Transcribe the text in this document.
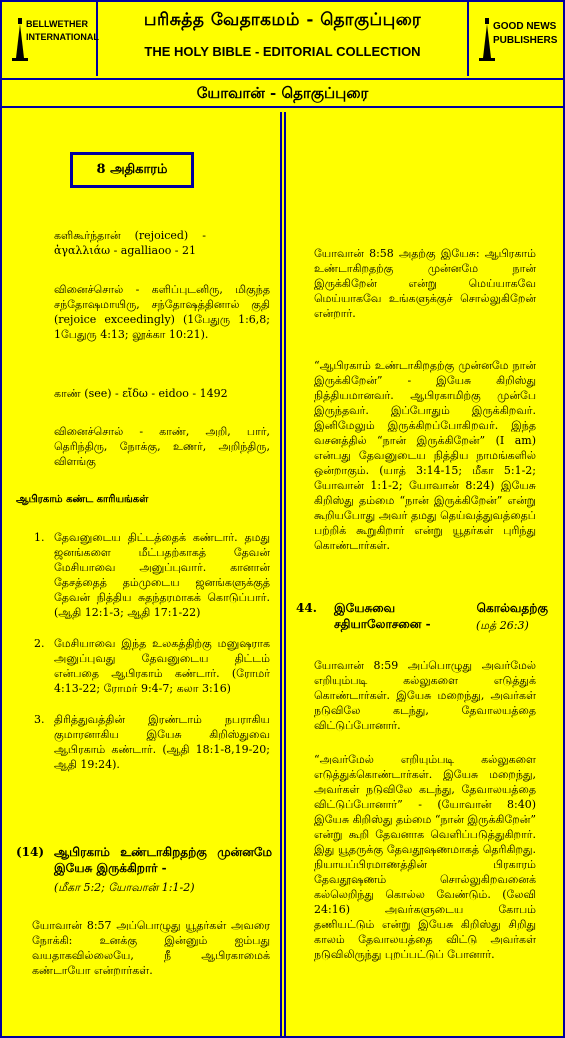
BELLWETHER
INTERNATIONAL
பரிசுத்த வேதாகமம் - தொகுப்புரை
THE HOLY BIBLE - EDITORIAL COLLECTION
GOOD NEWS
PUBLISHERS
யோவான் - தொகுப்புரை
8 அதிகாரம்

களிகூர்ந்தான்    (rejoiced)    -

ἀγαλλιάω - agalliaoo - 21

வினைச்சொல் - களிப்புடனிரு, மிகுந்த சந்தோஷமாயிரு, சந்தோஷத்தினால் குதி (rejoice exceedingly) (1பேதுரு 1:6,8; 1பேதுரு 4:13; லூக்கா 10:21).
காண் (see) - εἴδω - eidoo - 1492
வினைச்சொல் - காண், அறி, பார், தெரிந்திரு, நோக்கு, உணர், அறிந்திரு, விளங்கு
ஆபிரகாம் கண்ட காரியங்கள்
1. தேவனுடைய திட்டத்தைக் கண்டார். தமது ஜனங்களை மீட்பதற்காகத் தேவன் மேசியாவை அனுப்புவார். கானான் தேசத்தைத் தம்முடைய ஜனங்களுக்குத் தேவன் நித்திய சுதந்தரமாகக் கொடுப்பார். (ஆதி 12:1-3; ஆதி 17:1-22)
2. மேசியாவை இந்த உலகத்திற்கு மனுஷராக அனுப்புவது தேவனுடைய திட்டம் என்பதை ஆபிரகாம் கண்டார். (ரோமர் 4:13-22; ரோமர் 9:4-7; கலா 3:16)
3. திரித்துவத்தின் இரண்டாம் நபராகிய குமாரனாகிய இயேசு கிறிஸ்துவை ஆபிரகாம் கண்டார். (ஆதி 18:1-8,19-20; ஆதி 19:24).
(14) ஆபிரகாம் உண்டாகிறதற்கு முன்னமே இயேசு இருக்கிறார் -
(மீகா 5:2; யோவான் 1:1-2)
யோவான் 8:57 அப்பொழுது யூதர்கள் அவரை நோக்கி: உனக்கு இன்னும் ஐம்பது வயதாகவில்லையே, நீ ஆபிரகாமைக் கண்டாயோ என்றார்கள்.
யோவான் 8:58 அதற்கு இயேசு: ஆபிரகாம் உண்டாகிறதற்கு முன்னமே நான் இருக்கிறேன் என்று மெய்யாகவே மெய்யாகவே உங்களுக்குச் சொல்லுகிறேன் என்றார்.
“ஆபிரகாம் உண்டாகிறதற்கு முன்னமே நான் இருக்கிறேன்” - இயேசு கிறிஸ்து நித்தியமானவர். ஆபிரகாமிற்கு முன்பே இருந்தவர். இப்போதும் இருக்கிறவர். இனிமேலும் இருக்கிறப்போகிறவர். இந்த வசனத்தில் “நான் இருக்கிறேன்” (I am) என்பது தேவனுடைய நித்திய நாமங்களில் ஒன்றாகும். (யாத் 3:14-15; மீகா 5:1-2; யோவான் 1:1-2; யோவான் 8:24) இயேசு கிறிஸ்து தம்மை “நான் இருக்கிறேன்” என்று கூறியபோது அவர் தமது தெய்வத்துவத்தைப் பற்றிக் கூறுகிறார் என்று யூதர்கள் புரிந்து கொண்டார்கள்.
44. இயேசுவை கொல்வதற்கு சதியாலோசனை -	(மத் 26:3)
யோவான் 8:59 அப்பொழுது அவர்மேல் எறியும்படி கல்லுகளை எடுத்துக் கொண்டார்கள். இயேசு மறைந்து, அவர்கள் நடுவிலே கடந்து, தேவாலயத்தை விட்டுப்போனார்.
“அவர்மேல் எறியும்படி கல்லுகளை எடுத்துக்கொண்டார்கள். இயேசு மறைந்து, அவர்கள் நடுவிலே கடந்து, தேவாலயத்தை விட்டுப்போனார்” - (யோவான் 8:40) இயேசு கிறிஸ்து தம்மை “நான் இருக்கிறேன்” என்று கூறி தேவனாக வெளிப்படுத்துகிறார். இது யூதருக்கு தேவதூஷணமாகத் தெரிகிறது. நியாயப்பிரமாணத்தின் பிரகாரம் தேவதூஷணம் சொல்லுகிறவனைக் கல்லெறிந்து கொல்ல வேண்டும். (லேவி 24:16) அவர்களுடைய கோபம் தணியட்டும் என்று இயேசு கிறிஸ்து சிறிது காலம் தேவாலயத்தை விட்டு அவர்கள் நடுவிலிருந்து புறப்பட்டுப் போனார்.
